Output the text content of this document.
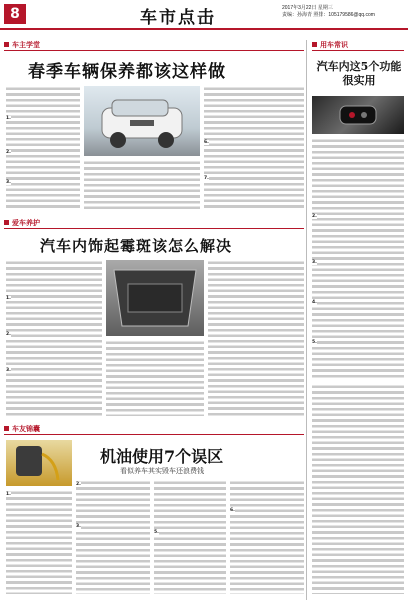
8	车市点击	2017年3月22日 星期三
责编：孙海青 照排：105179586@qq.com
车主学堂
春季车辆保养都该这样做
1.
2.
3.
6.
7.
用车常识
汽车内这5个功能很实用
2.
3.
4.
5.
爱车养护
汽车内饰起霉斑该怎么解决
1.
2.
3.
车友锦囊
机油使用7个误区
看似养车其实毁车还浪费钱
1.
2.
3.
5.
6.
